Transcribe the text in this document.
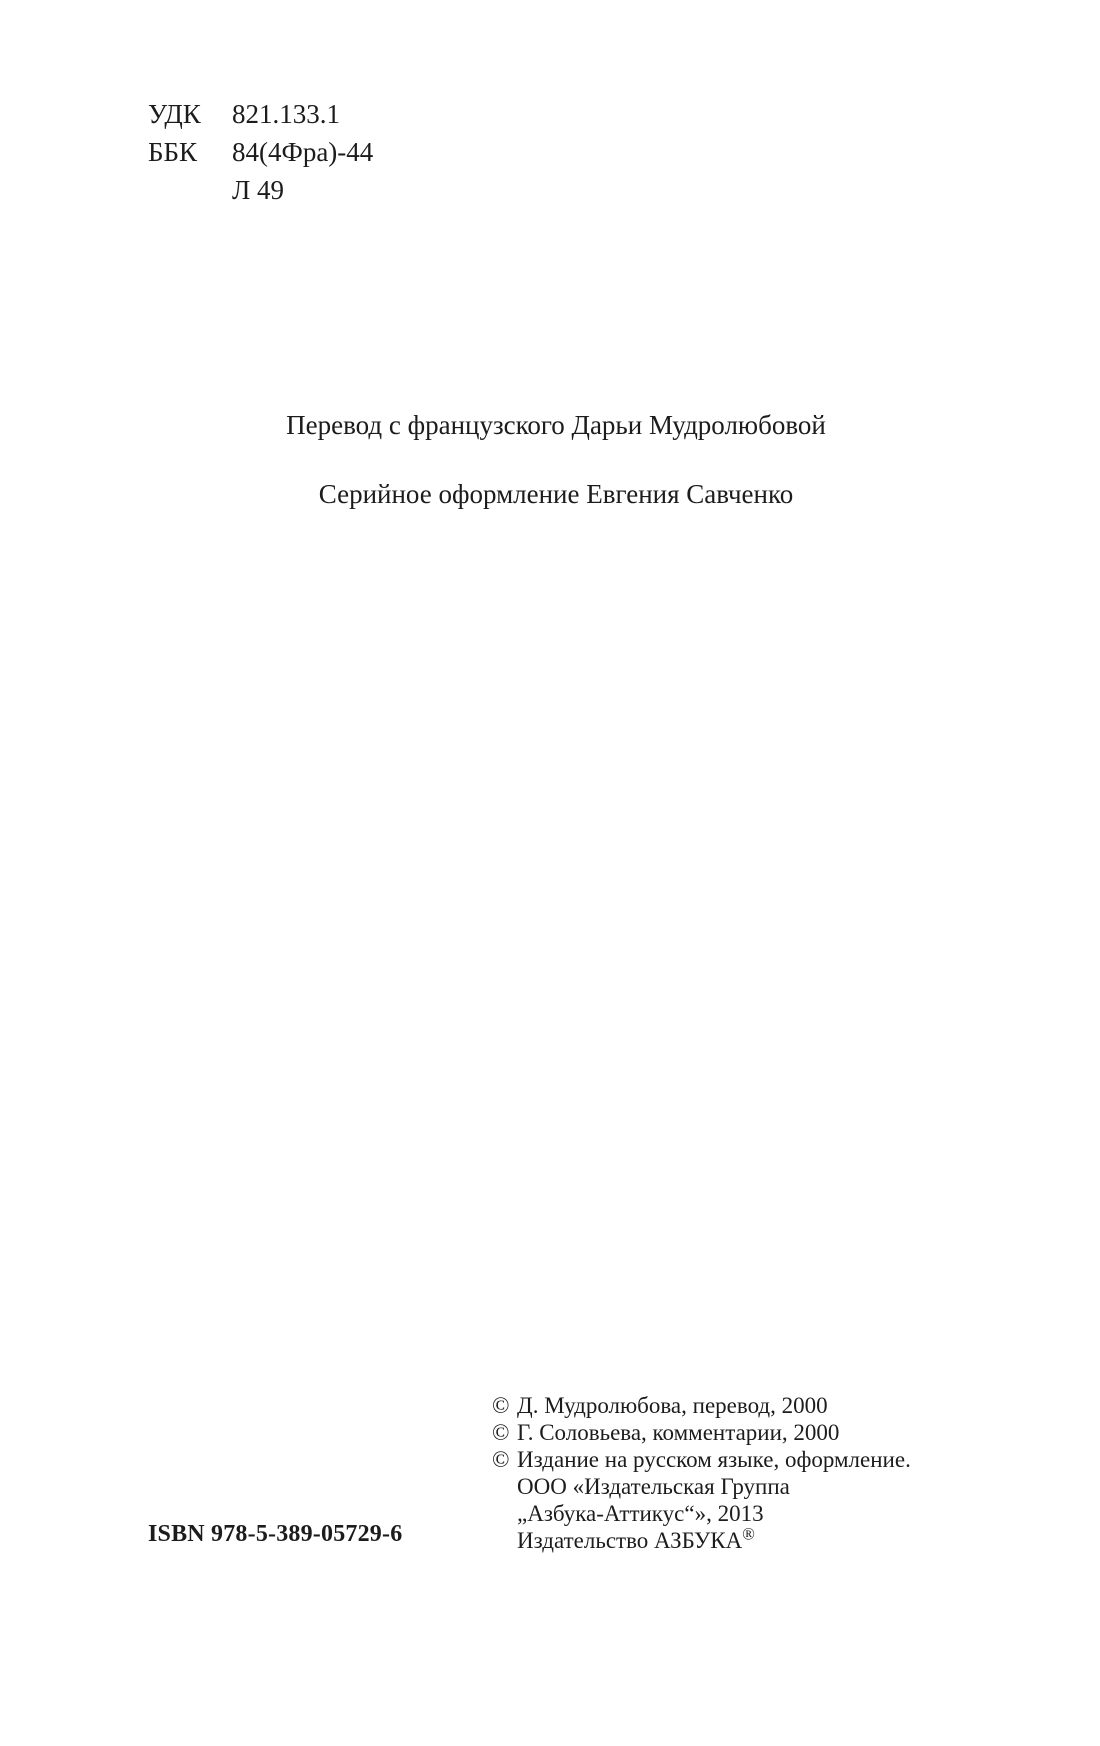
УДК 821.133.1
ББК 84(4Фра)-44
Л 49
Перевод с французского Дарьи Мудролюбовой
Серийное оформление Евгения Савченко
© Д. Мудролюбова, перевод, 2000
© Г. Соловьева, комментарии, 2000
© Издание на русском языке, оформление.
ООО «Издательская Группа
„Азбука-Аттикус“», 2013
Издательство АЗБУКА®
ISBN 978-5-389-05729-6
